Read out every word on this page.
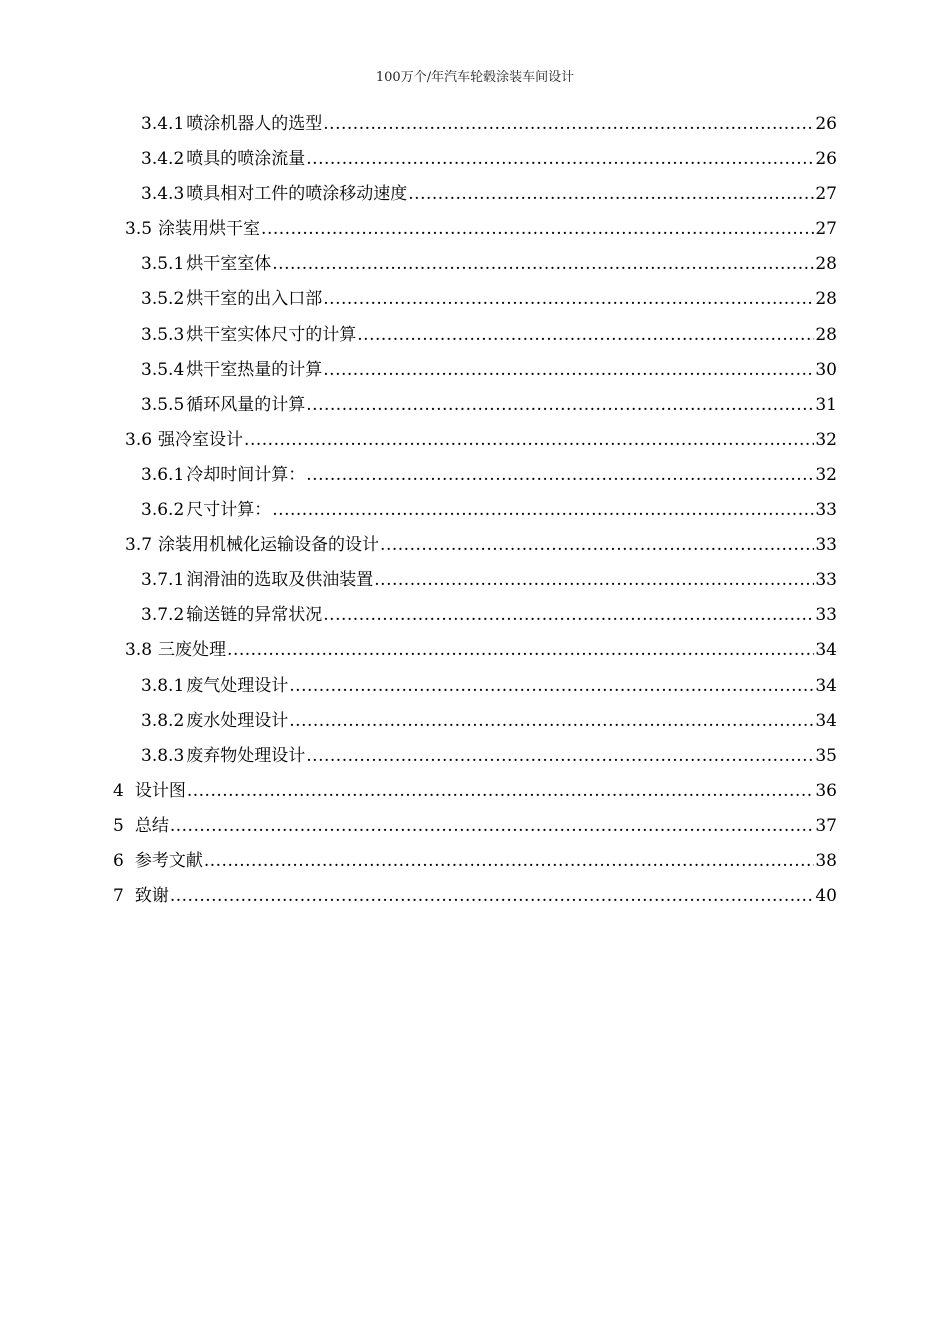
100万个/年汽车轮毂涂装车间设计
3.4.1 喷涂机器人的选型 .....	26
3.4.2 喷具的喷涂流量 .....	26
3.4.3 喷具相对工件的喷涂移动速度 .....	27
3.5 涂装用烘干室 .....	27
3.5.1 烘干室室体 .....	28
3.5.2 烘干室的出入口部 .....	28
3.5.3 烘干室实体尺寸的计算 .....	28
3.5.4 烘干室热量的计算 .....	30
3.5.5 循环风量的计算 .....	31
3.6 强冷室设计 .....	32
3.6.1 冷却时间计算： .....	32
3.6.2 尺寸计算： .....	33
3.7 涂装用机械化运输设备的设计 .....	33
3.7.1 润滑油的选取及供油装置 .....	33
3.7.2 输送链的异常状况 .....	33
3.8 三废处理 .....	34
3.8.1 废气处理设计 .....	34
3.8.2 废水处理设计 .....	34
3.8.3 废弃物处理设计 .....	35
4 设计图 .....	36
5 总结 .....	37
6 参考文献 .....	38
7 致谢 .....	40
